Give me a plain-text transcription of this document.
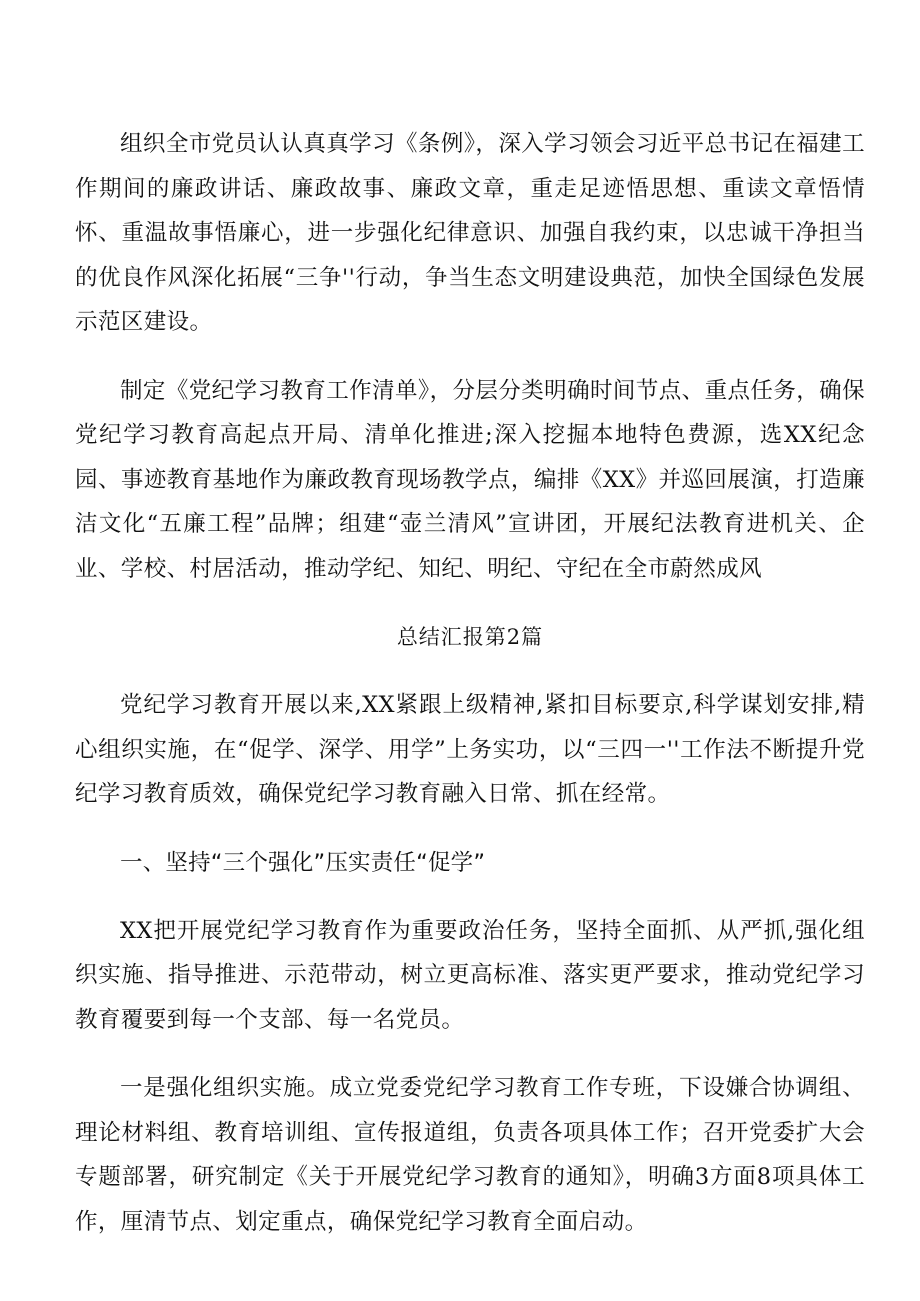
组织全市党员认认真真学习《条例》，深入学习领会习近平总书记在福建工作期间的廉政讲话、廉政故事、廉政文章，重走足迹悟思想、重读文章悟情怀、重温故事悟廉心，进一步强化纪律意识、加强自我约束，以忠诚干净担当的优良作风深化拓展“三争''行动，争当生态文明建设典范，加快全国绿色发展示范区建设。

制定《党纪学习教育工作清单》，分层分类明确时间节点、重点任务，确保党纪学习教育高起点开局、清单化推进;深入挖掘本地特色费源，选XX纪念园、事迹教育基地作为廉政教育现场教学点，编排《XX》并巡回展演，打造廉洁文化“五廉工程”品牌；组建“壶兰清风”宣讲团，开展纪法教育进机关、企业、学校、村居活动，推动学纪、知纪、明纪、守纪在全市蔚然成风

总结汇报第2篇

党纪学习教育开展以来,XX紧跟上级精神,紧扣目标要京,科学谋划安排,精心组织实施，在“促学、深学、用学”上务实功，以“三四一''工作法不断提升党纪学习教育质效，确保党纪学习教育融入日常、抓在经常。

一、坚持“三个强化”压实责任“促学”

XX把开展党纪学习教育作为重要政治任务，坚持全面抓、从严抓,强化组织实施、指导推进、示范带动，树立更高标准、落实更严要求，推动党纪学习教育覆要到每一个支部、每一名党员。

一是强化组织实施。成立党委党纪学习教育工作专班，下设嫌合协调组、理论材料组、教育培训组、宣传报道组，负责各项具体工作；召开党委扩大会专题部署，研究制定《关于开展党纪学习教育的通知》，明确3方面8项具体工作，厘清节点、划定重点，确保党纪学习教育全面启动。
